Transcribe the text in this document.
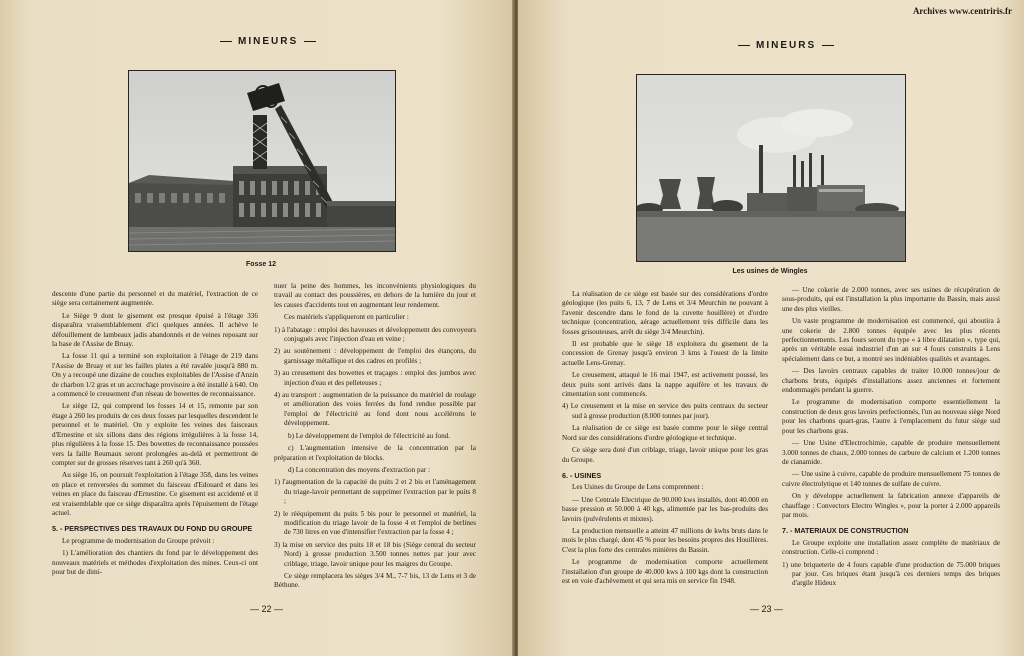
MINEURS
Fosse 12

descente d'une partie du personnel et du matériel, l'extraction de ce siège sera certainement augmentée.

Le Siège 9 dont le gisement est presque épuisé à l'étage 336 disparaîtra vraisemblablement d'ici quelques années. Il achève le défouillement de lambeaux jadis abandonnés et de veines reposant sur la base de l'Assise de Bruay.

La fosse 11 qui a terminé son exploitation à l'étage de 219 dans l'Assise de Bruay et sur les failles plates a été ravalée jusqu'à 880 m. On y a recoupé une dizaine de couches exploitables de l'Assise d'Anzin de charbon 1/2 gras et un accrochage provisoire a été installé à 640. On a commencé le creusement d'un réseau de bowettes de reconnaissance.

Le siège 12, qui comprend les fosses 14 et 15, remonte par son étage à 260 les produits de ces deux fosses par lesquelles descendent le personnel et le matériel. On y exploite les veines des faisceaux d'Ernestine et six sillons dans des régions irrégulières à la fosse 14, plus régulières à la fosse 15. Des bowettes de reconnaissance poussées vers la faille Reumaux seront prolongées au-delà et permettront de compter sur de grosses réserves tant à 260 qu'à 360.

Au siège 16, on poursuit l'exploitation à l'étage 358, dans les veines en place et renversées du sommet du faisceau d'Edouard et dans les veines en place du faisceau d'Ernestine. Ce gisement est accidenté et il est vraisemblable que ce siège disparaîtra après l'épuisement de l'étage actuel.

5. - PERSPECTIVES DES TRAVAUX DU FOND DU GROUPE

Le programme de modernisation du Groupe prévoit :

1) L'amélioration des chantiers du fond par le développement des nouveaux matériels et méthodes d'exploitation des mines. Ceux-ci ont pour but de dimi-

nuer la peine des hommes, les inconvénients physiologiques du travail au contact des poussières, en dehors de la lumière du jour et les causes d'accidents tout en augmentant leur rendement.

Ces matériels s'appliqueront en particulier :

1) à l'abatage : emploi des haveuses et développement des convoyeurs conjugués avec l'injection d'eau en veine ;

2) au soutènement : développement de l'emploi des étançons, du garnissage métallique et des cadres en profilés ;

3) au creusement des bowettes et traçages : emploi des jumbos avec injection d'eau et des pelleteuses ;

4) au transport : augmentation de la puissance du matériel de roulage et amélioration des voies ferrées du fond rendue possible par l'emploi de l'électricité au fond dont nous accélérons le développement.

b) Le développement de l'emploi de l'électricité au fond.

c) L'augmentation intensive de la concentration par la préparation et l'exploitation de blocks.

d) La concentration des moyens d'extraction par :

1) l'augmentation de la capacité du puits 2 et 2 bis et l'aménagement du triage-lavoir permettant de supprimer l'extraction par le puits 8 ;

2) le rééquipement du puits 5 bis pour le personnel et matériel, la modification du triage lavoir de la fosse 4 et l'emploi de berlines de 730 litres en vue d'intensifier l'extraction par la fosse 4 ;

3) la mise en service des puits 18 et 18 bis (Siège central du secteur Nord) à grosse production 3.500 tonnes nettes par jour avec criblage, triage, lavoir unique pour les maigres du Groupe.

Ce siège remplacera les sièges 3/4 M., 7-7 bis, 13 de Lens et 3 de Béthune.

— 22 —
Archives www.centriris.fr
MINEURS
Les usines de Wingles

La réalisation de ce siège est basée sur des considérations d'ordre géologique (les puits 6, 13, 7 de Lens et 3/4 Meurchin ne pouvant à l'avenir descendre dans le fond de la cuvette houillère) et d'ordre technique (concentration, aérage actuellement très difficile dans les fosses grisouteuses, arrêt du siège 3/4 Meurchin).

Il est probable que le siège 18 exploitera du gisement de la concession de Grenay jusqu'à environ 3 kms à l'ouest de la limite actuelle Lens-Grenay.

Le creusement, attaqué le 16 mai 1947, est activement poussé, les deux puits sont arrivés dans la nappe aquifère et les travaux de cimentation sont commencés.

4) Le creusement et la mise en service des puits centraux du secteur sud à grosse production (8.000 tonnes par jour).

La réalisation de ce siège est basée comme pour le siège central Nord sur des considérations d'ordre géologique et technique.

Ce siège sera doté d'un criblage, triage, lavoir unique pour les gras du Groupe.

6. - USINES

Les Usines du Groupe de Lens comprennent :

— Une Centrale Electrique de 90.000 kws installés, dont 40.000 en basse pression et 50.000 à 40 kgs, alimentée par les bas-produits des lavoirs (pulvérulents et mixtes).

La production mensuelle a atteint 47 millions de kwhs bruts dans le mois le plus chargé, dont 45 % pour les besoins propres des Houillères. C'est la plus forte des centrales minières du Bassin.

Le programme de modernisation comporte actuellement l'installation d'un groupe de 40.000 kws à 100 kgs dont la construction est en voie d'achèvement et qui sera mis en service fin 1948.

— Une cokerie de 2.000 tonnes, avec ses usines de récupération de sous-produits, qui est l'installation la plus importante du Bassin, mais aussi une des plus vieilles.

Un vaste programme de modernisation est commencé, qui aboutira à une cokerie de 2.800 tonnes équipée avec les plus récents perfectionnements. Les fours seront du type « à libre dilatation », type qui, après un véritable essai industriel d'un an sur 4 fours construits à Lens spécialement dans ce but, a montré ses indéniables qualités et avantages.

— Des lavoirs centraux capables de traiter 10.000 tonnes/jour de charbons bruts, équipés d'installations assez anciennes et fortement endommagés pendant la guerre.

Le programme de modernisation comporte essentiellement la construction de deux gros lavoirs perfectionnés, l'un au nouveau siège Nord pour les charbons quart-gras, l'autre à l'emplacement du futur siège sud pour les charbons gras.

— Une Usine d'Electrochimie, capable de produire mensuellement 3.000 tonnes de chaux, 2.000 tonnes de carbure de calcium et 1.200 tonnes de cianamide.

— Une usine à cuivre, capable de produire mensuellement 75 tonnes de cuivre électrolytique et 140 tonnes de sulfate de cuivre.

On y développe actuellement la fabrication annexe d'appareils de chauffage : Convectors Electro Wingles », pour la porter à 2.000 appareils par mois.

7. - MATERIAUX DE CONSTRUCTION

Le Groupe exploite une installation assez complète de matériaux de construction. Celle-ci comprend :

1) une briqueterie de 4 fours capable d'une production de 75.000 briques par jour. Ces briques étant jusqu'à ces derniers temps des briques d'argile Hideux

— 23 —
